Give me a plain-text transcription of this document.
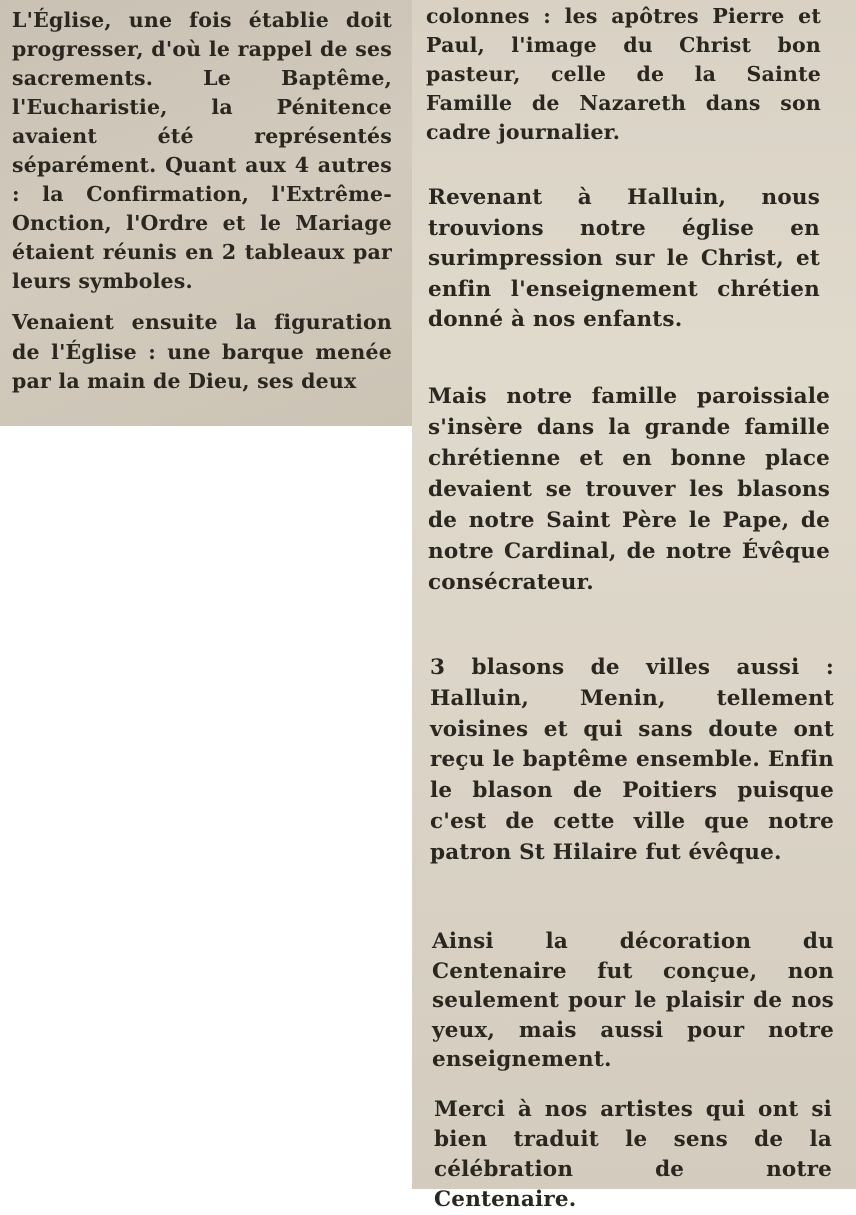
L'Église, une fois établie doit progresser, d'où le rappel de ses sacrements. Le Baptême, l'Eucharistie, la Pénitence avaient été représentés séparément. Quant aux 4 autres : la Confirmation, l'Extrême-Onction, l'Ordre et le Mariage étaient réunis en 2 tableaux par leurs symboles.

Venaient ensuite la figuration de l'Église : une barque menée par la main de Dieu, ses deux

colonnes : les apôtres Pierre et Paul, l'image du Christ bon pasteur, celle de la Sainte Famille de Nazareth dans son cadre journalier.

Revenant à Halluin, nous trouvions notre église en surimpression sur le Christ, et enfin l'enseignement chrétien donné à nos enfants.

Mais notre famille paroissiale s'insère dans la grande famille chrétienne et en bonne place devaient se trouver les blasons de notre Saint Père le Pape, de notre Cardinal, de notre Évêque consécrateur.

3 blasons de villes aussi : Halluin, Menin, tellement voisines et qui sans doute ont reçu le baptême ensemble. Enfin le blason de Poitiers puisque c'est de cette ville que notre patron St Hilaire fut évêque.

Ainsi la décoration du Centenaire fut conçue, non seulement pour le plaisir de nos yeux, mais aussi pour notre enseignement.

Merci à nos artistes qui ont si bien traduit le sens de la célébration de notre Centenaire.
